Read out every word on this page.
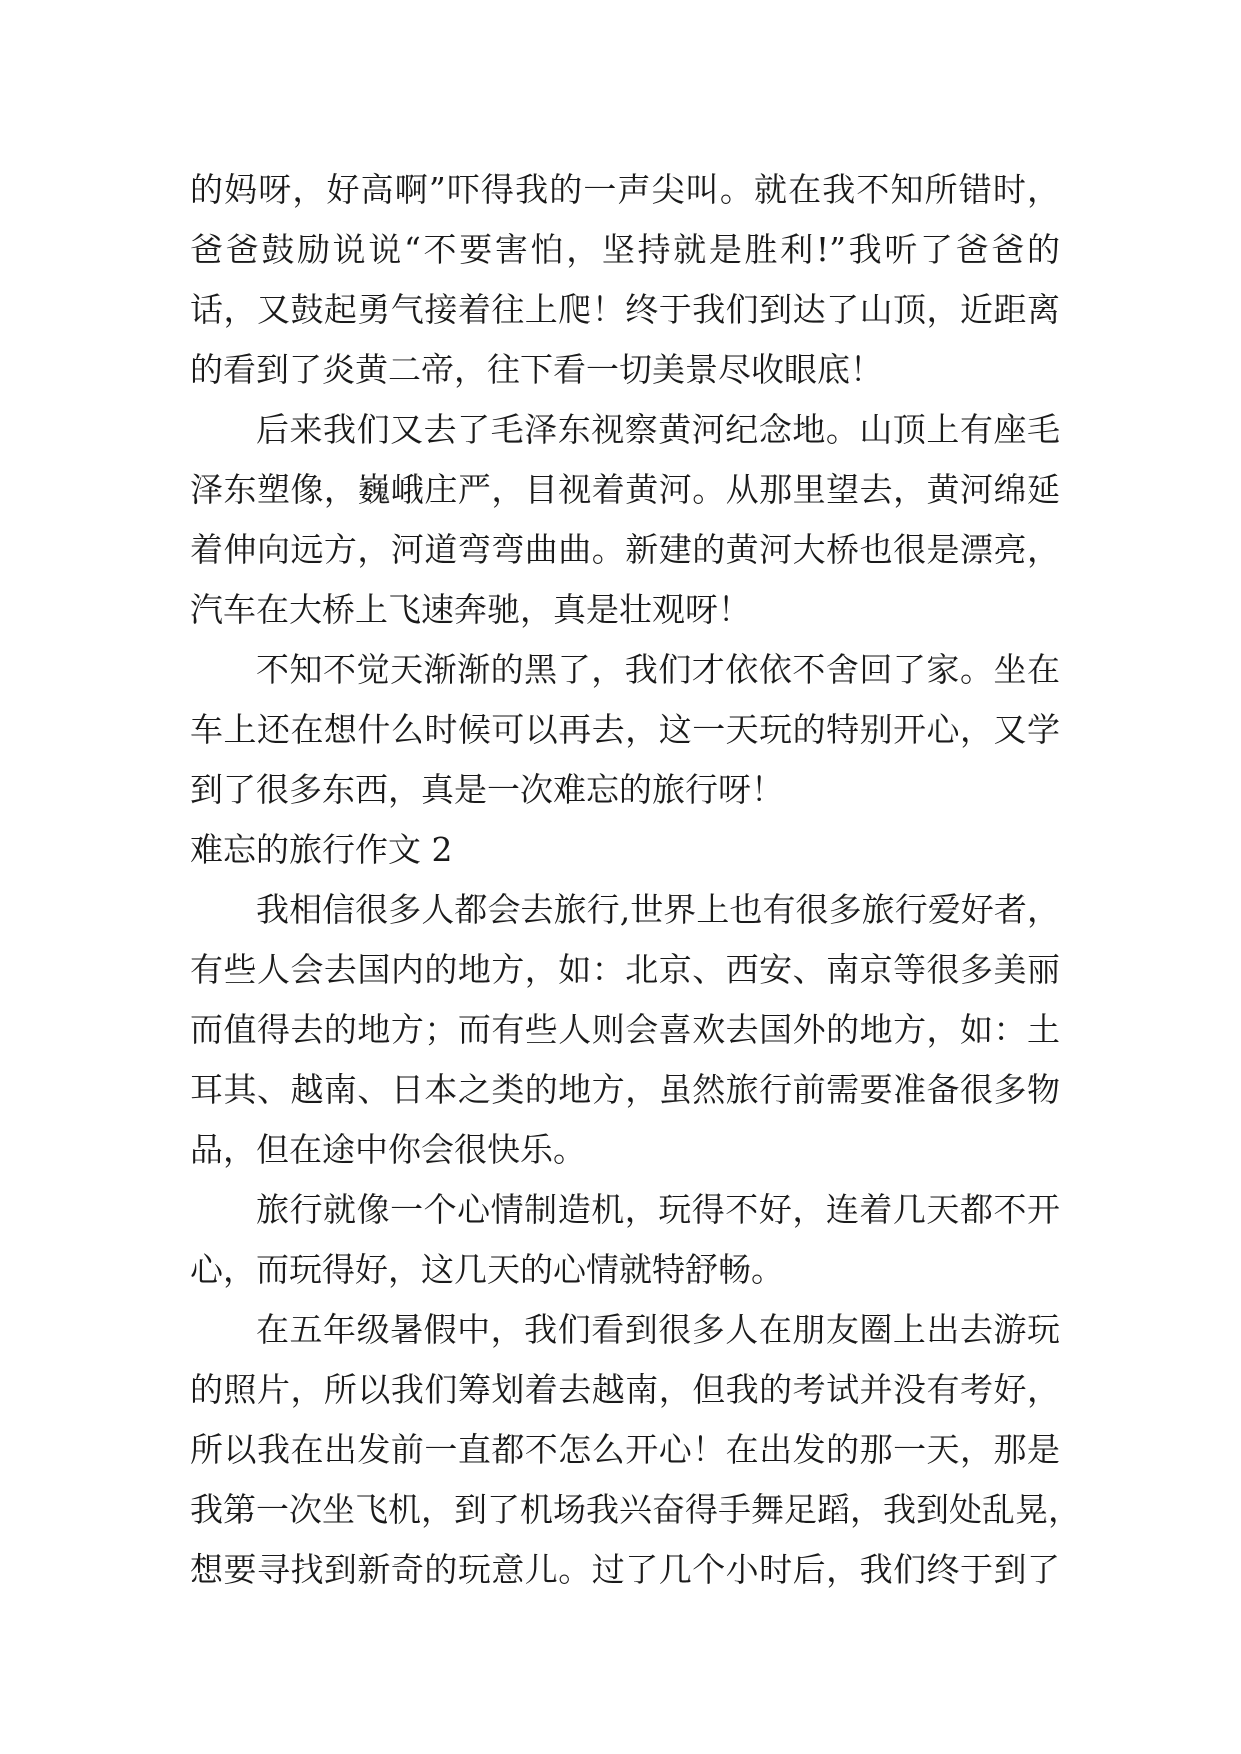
的妈呀，好高啊”吓得我的一声尖叫。就在我不知所错时，
爸爸鼓励说说“不要害怕，坚持就是胜利!”我听了爸爸的
话，又鼓起勇气接着往上爬！终于我们到达了山顶，近距离
的看到了炎黄二帝，往下看一切美景尽收眼底！
后来我们又去了毛泽东视察黄河纪念地。山顶上有座毛
泽东塑像，巍峨庄严，目视着黄河。从那里望去，黄河绵延
着伸向远方，河道弯弯曲曲。新建的黄河大桥也很是漂亮，
汽车在大桥上飞速奔驰，真是壮观呀！
不知不觉天渐渐的黑了，我们才依依不舍回了家。坐在
车上还在想什么时候可以再去，这一天玩的特别开心，又学
到了很多东西，真是一次难忘的旅行呀！
难忘的旅行作文 2
我相信很多人都会去旅行,世界上也有很多旅行爱好者，
有些人会去国内的地方，如：北京、西安、南京等很多美丽
而值得去的地方；而有些人则会喜欢去国外的地方，如：土
耳其、越南、日本之类的地方，虽然旅行前需要准备很多物
品，但在途中你会很快乐。
旅行就像一个心情制造机，玩得不好，连着几天都不开
心，而玩得好，这几天的心情就特舒畅。
在五年级暑假中，我们看到很多人在朋友圈上出去游玩
的照片，所以我们筹划着去越南，但我的考试并没有考好，
所以我在出发前一直都不怎么开心！在出发的那一天，那是
我第一次坐飞机，到了机场我兴奋得手舞足蹈，我到处乱晃，
想要寻找到新奇的玩意儿。过了几个小时后，我们终于到了
